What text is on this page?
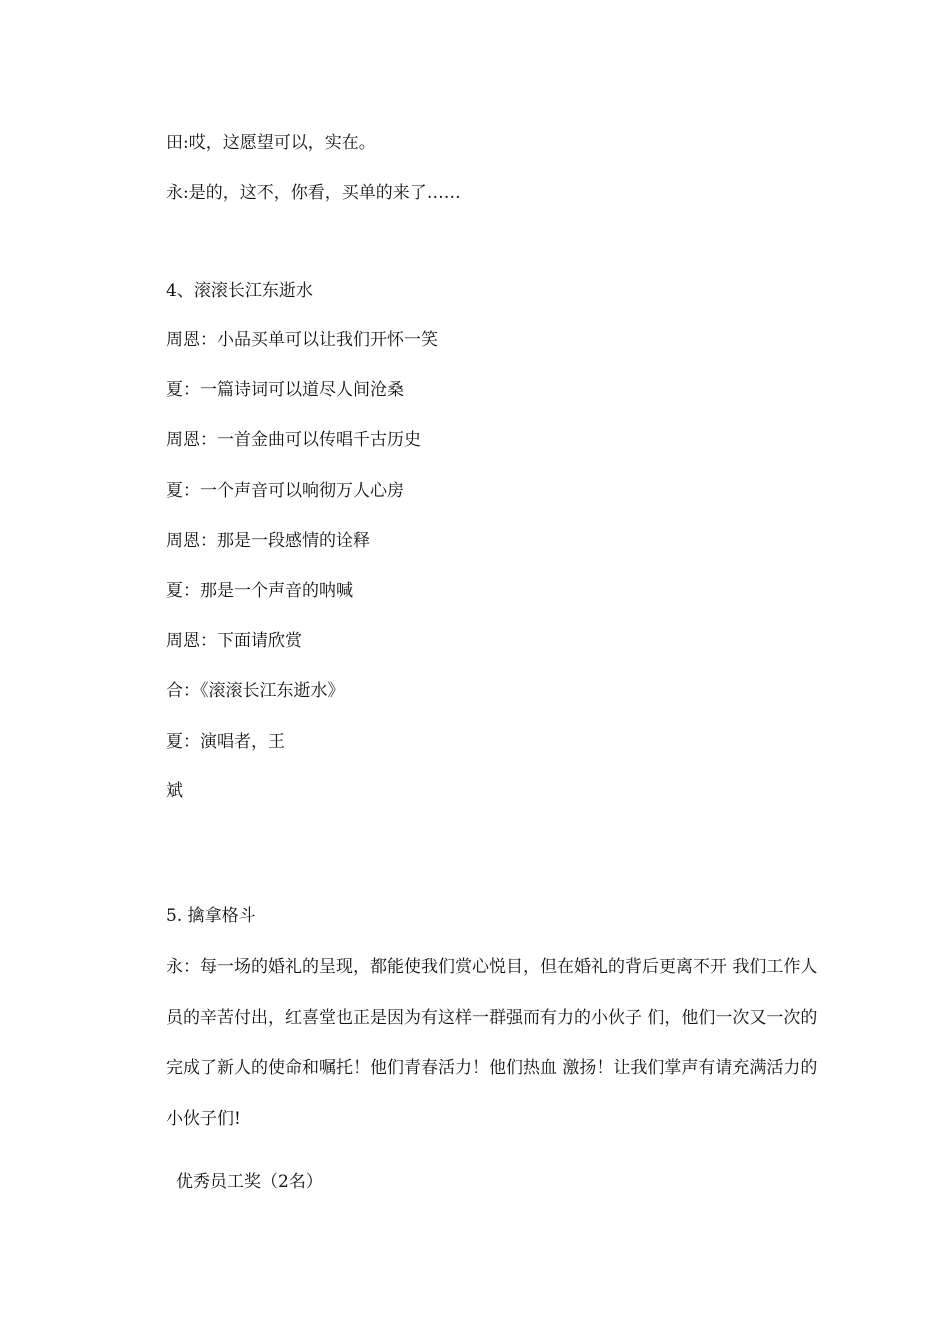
田:哎，这愿望可以，实在。
永:是的，这不，你看，买单的来了……
4、滚滚长江东逝水
周恩：小品买单可以让我们开怀一笑
夏：一篇诗词可以道尽人间沧桑
周恩：一首金曲可以传唱千古历史
夏：一个声音可以响彻万人心房
周恩：那是一段感情的诠释
夏：那是一个声音的呐喊
周恩：下面请欣赏
合：《滚滚长江东逝水》
夏：演唱者，王
斌
5. 擒拿格斗
永：每一场的婚礼的呈现，都能使我们赏心悦目，但在婚礼的背后更离不开 我们工作人员的辛苦付出，红喜堂也正是因为有这样一群强而有力的小伙子 们，他们一次又一次的完成了新人的使命和嘱托！他们青春活力！他们热血 激扬！让我们掌声有请充满活力的小伙子们!
优秀员工奖（2名）
